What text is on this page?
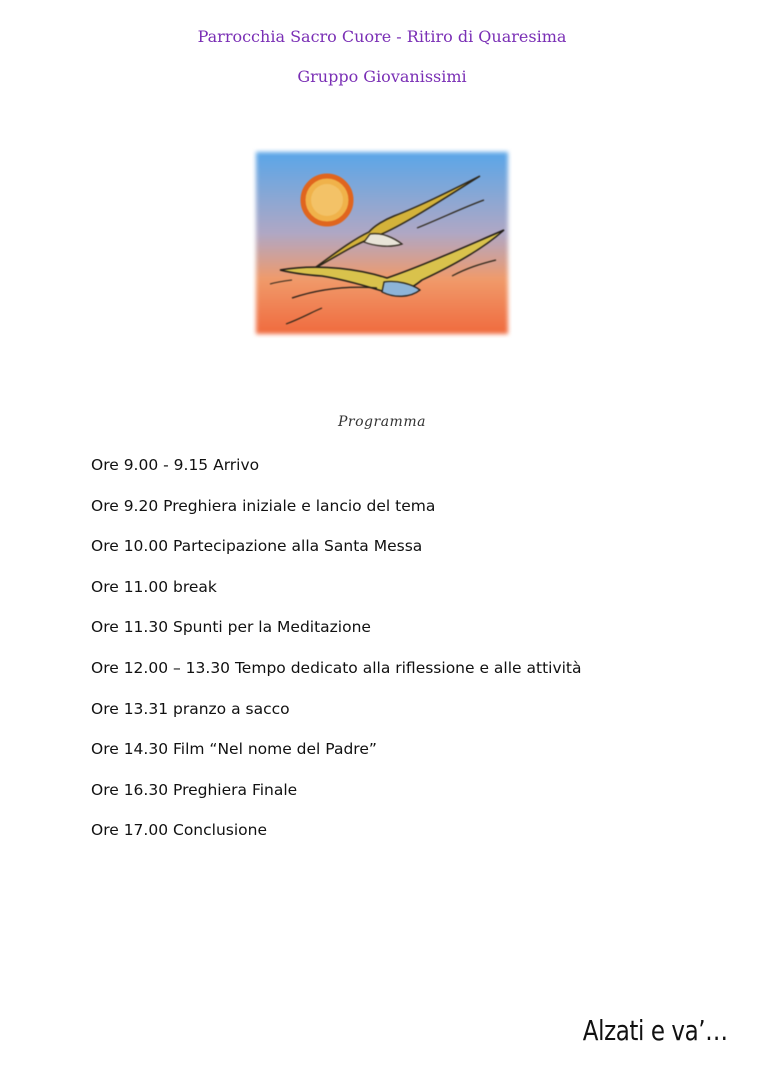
Parrocchia Sacro Cuore - Ritiro di Quaresima
Gruppo Giovanissimi
Programma
Ore 9.00 - 9.15 Arrivo
Ore 9.20 Preghiera iniziale e lancio del tema
Ore 10.00 Partecipazione alla Santa Messa
Ore 11.00 break
Ore 11.30 Spunti per la Meditazione
Ore 12.00 – 13.30 Tempo dedicato alla riflessione e alle attività
Ore 13.31 pranzo a sacco
Ore 14.30 Film “Nel nome del Padre”
Ore 16.30 Preghiera Finale
Ore 17.00 Conclusione
Alzati e va’…
